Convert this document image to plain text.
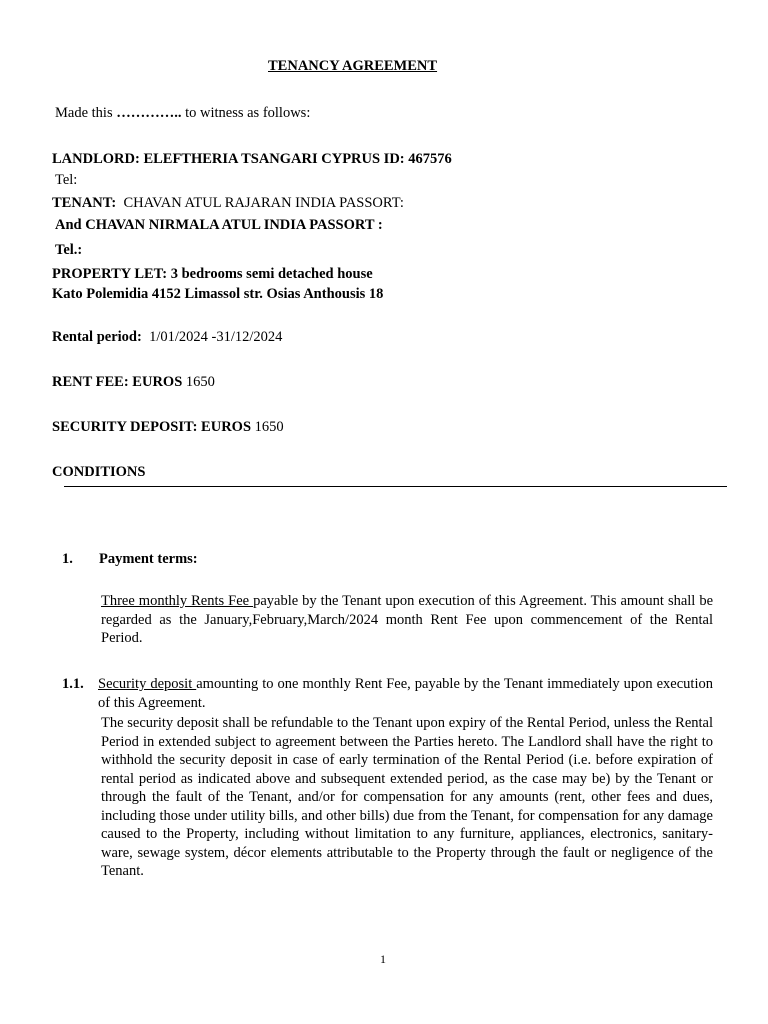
TENANCY AGREEMENT
Made this ………….. to witness as follows:
LANDLORD: ELEFTHERIA TSANGARI CYPRUS ID: 467576
Tel:
TENANT: CHAVAN ATUL RAJARAN INDIA PASSORT:
And CHAVAN NIRMALA ATUL INDIA PASSORT :
Tel.:
PROPERTY LET: 3 bedrooms semi detached house
Kato Polemidia 4152 Limassol str. Osias Anthousis 18
Rental period: 1/01/2024 -31/12/2024
RENT FEE: EUROS 1650
SECURITY DEPOSIT: EUROS 1650
CONDITIONS
1. Payment terms:
Three monthly Rents Fee payable by the Tenant upon execution of this Agreement. This amount shall be regarded as the January,February,March/2024 month Rent Fee upon commencement of the Rental Period.
1.1. Security deposit amounting to one monthly Rent Fee, payable by the Tenant immediately upon execution of this Agreement.
The security deposit shall be refundable to the Tenant upon expiry of the Rental Period, unless the Rental Period in extended subject to agreement between the Parties hereto. The Landlord shall have the right to withhold the security deposit in case of early termination of the Rental Period (i.e. before expiration of rental period as indicated above and subsequent extended period, as the case may be) by the Tenant or through the fault of the Tenant, and/or for compensation for any amounts (rent, other fees and dues, including those under utility bills, and other bills) due from the Tenant, for compensation for any damage caused to the Property, including without limitation to any furniture, appliances, electronics, sanitary-ware, sewage system, décor elements attributable to the Property through the fault or negligence of the Tenant.
1
